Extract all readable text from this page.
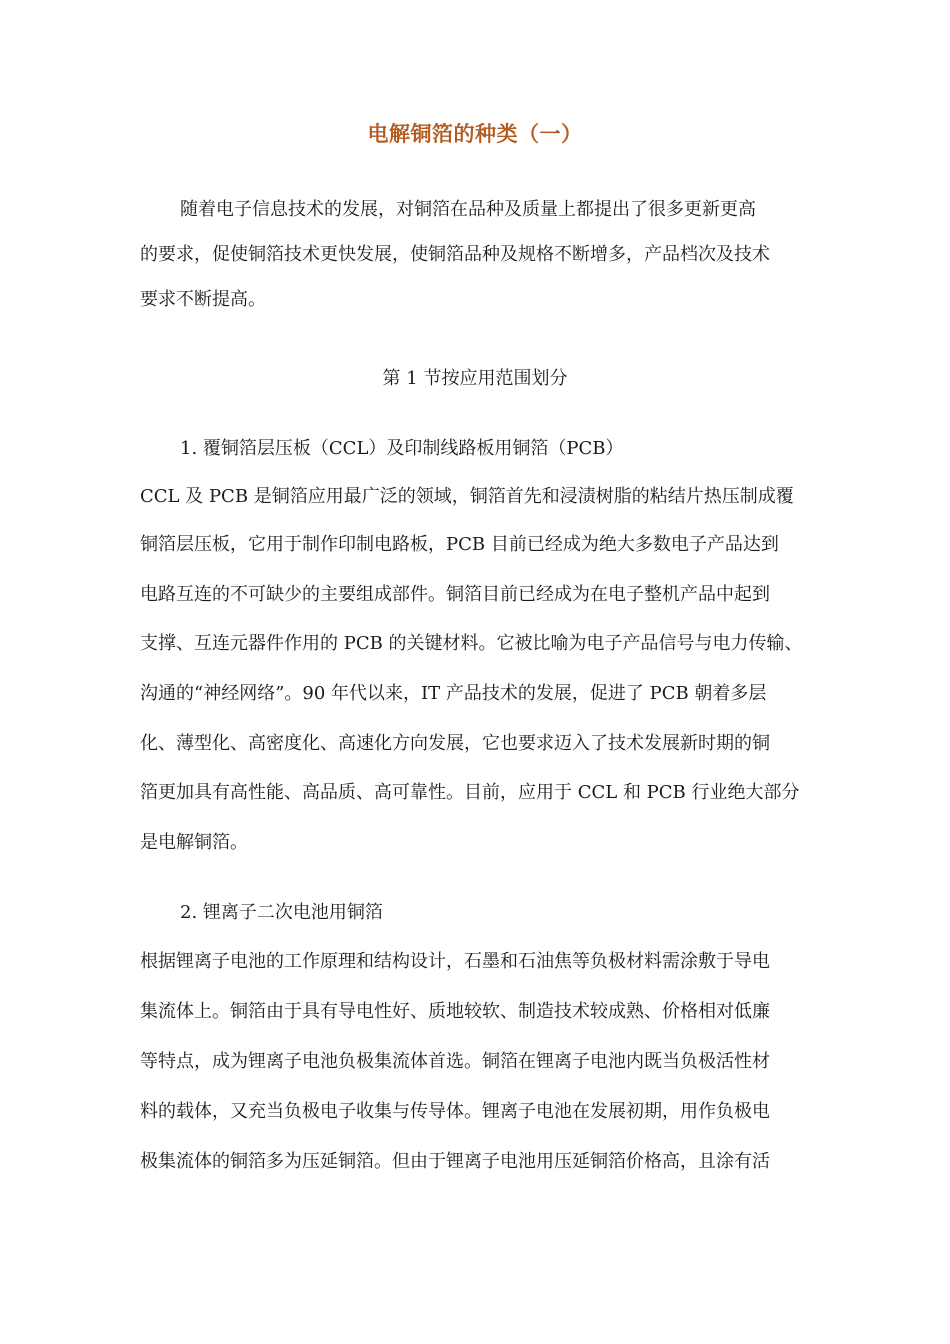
电解铜箔的种类（一）
随着电子信息技术的发展，对铜箔在品种及质量上都提出了很多更新更高
的要求，促使铜箔技术更快发展，使铜箔品种及规格不断增多，产品档次及技术
要求不断提高。
第 1 节按应用范围划分
1. 覆铜箔层压板（CCL）及印制线路板用铜箔（PCB）
CCL 及 PCB 是铜箔应用最广泛的领域，铜箔首先和浸渍树脂的粘结片热压制成覆
铜箔层压板，它用于制作印制电路板，PCB 目前已经成为绝大多数电子产品达到
电路互连的不可缺少的主要组成部件。铜箔目前已经成为在电子整机产品中起到
支撑、互连元器件作用的 PCB 的关键材料。它被比喻为电子产品信号与电力传输、
沟通的“神经网络”。90 年代以来，IT 产品技术的发展，促进了 PCB 朝着多层
化、薄型化、高密度化、高速化方向发展，它也要求迈入了技术发展新时期的铜
箔更加具有高性能、高品质、高可靠性。目前，应用于 CCL 和 PCB 行业绝大部分
是电解铜箔。
2. 锂离子二次电池用铜箔
根据锂离子电池的工作原理和结构设计，石墨和石油焦等负极材料需涂敷于导电
集流体上。铜箔由于具有导电性好、质地较软、制造技术较成熟、价格相对低廉
等特点，成为锂离子电池负极集流体首选。铜箔在锂离子电池内既当负极活性材
料的载体，又充当负极电子收集与传导体。锂离子电池在发展初期，用作负极电
极集流体的铜箔多为压延铜箔。但由于锂离子电池用压延铜箔价格高，且涂有活
